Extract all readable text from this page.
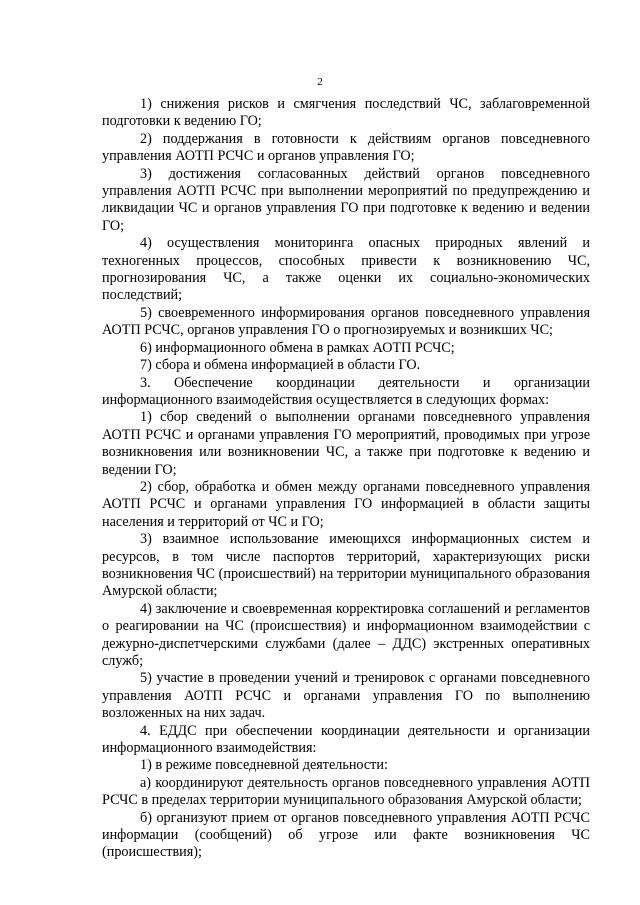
2

1) снижения рисков и смягчения последствий ЧС, заблаговременной подготовки к ведению ГО;

2) поддержания в готовности к действиям органов повседневного управления АОТП РСЧС и органов управления ГО;

3) достижения согласованных действий органов повседневного управления АОТП РСЧС при выполнении мероприятий по предупреждению и ликвидации ЧС и органов управления ГО при подготовке к ведению и ведении ГО;

4) осуществления мониторинга опасных природных явлений и техногенных процессов, способных привести к возникновению ЧС, прогнозирования ЧС, а также оценки их социально-экономических последствий;

5) своевременного информирования органов повседневного управления АОТП РСЧС, органов управления ГО о прогнозируемых и возникших ЧС;

6) информационного обмена в рамках АОТП РСЧС;

7) сбора и обмена информацией в области ГО.

3. Обеспечение координации деятельности и организации информационного взаимодействия осуществляется в следующих формах:

1) сбор сведений о выполнении органами повседневного управления АОТП РСЧС и органами управления ГО мероприятий, проводимых при угрозе возникновения или возникновении ЧС, а также при подготовке к ведению и ведении ГО;

2) сбор, обработка и обмен между органами повседневного управления АОТП РСЧС и органами управления ГО информацией в области защиты населения и территорий от ЧС и ГО;

3) взаимное использование имеющихся информационных систем и ресурсов, в том числе паспортов территорий, характеризующих риски возникновения ЧС (происшествий) на территории муниципального образования Амурской области;

4) заключение и своевременная корректировка соглашений и регламентов о реагировании на ЧС (происшествия) и информационном взаимодействии с дежурно-диспетчерскими службами (далее – ДДС) экстренных оперативных служб;

5) участие в проведении учений и тренировок с органами повседневного управления АОТП РСЧС и органами управления ГО по выполнению возложенных на них задач.

4. ЕДДС при обеспечении координации деятельности и организации информационного взаимодействия:

1) в режиме повседневной деятельности:

а) координируют деятельность органов повседневного управления АОТП РСЧС в пределах территории муниципального образования Амурской области;

б) организуют прием от органов повседневного управления АОТП РСЧС информации (сообщений) об угрозе или факте возникновения ЧС (происшествия);
